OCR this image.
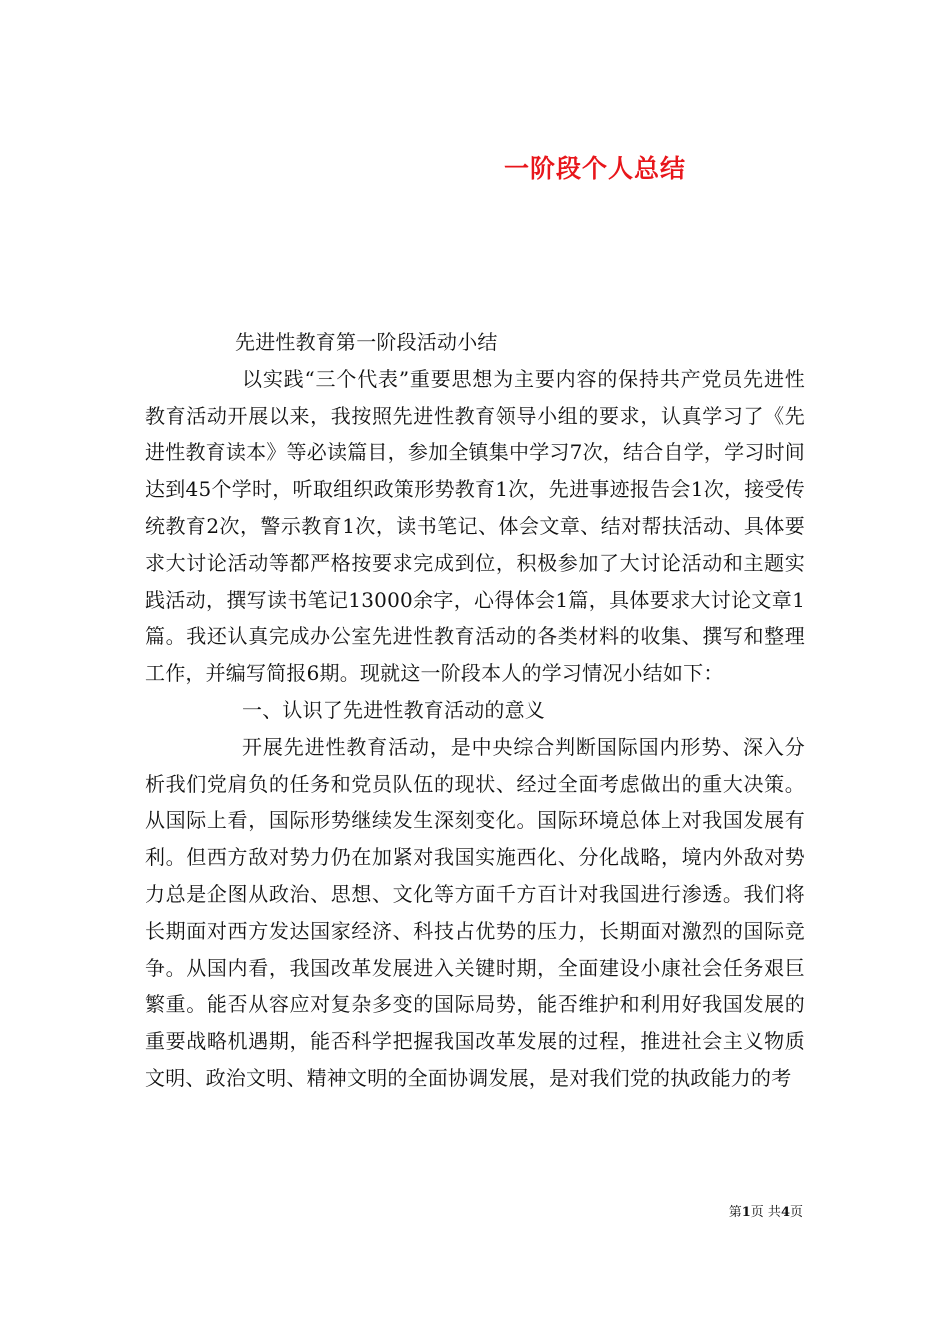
一阶段个人总结

先进性教育第一阶段活动小结

以实践“三个代表”重要思想为主要内容的保持共产党员先进性教育活动开展以来，我按照先进性教育领导小组的要求，认真学习了《先进性教育读本》等必读篇目，参加全镇集中学习7次，结合自学，学习时间达到45个学时，听取组织政策形势教育1次，先进事迹报告会1次，接受传统教育2次，警示教育1次，读书笔记、体会文章、结对帮扶活动、具体要求大讨论活动等都严格按要求完成到位，积极参加了大讨论活动和主题实践活动，撰写读书笔记13000余字，心得体会1篇，具体要求大讨论文章1篇。我还认真完成办公室先进性教育活动的各类材料的收集、撰写和整理工作，并编写简报6期。现就这一阶段本人的学习情况小结如下：

一、认识了先进性教育活动的意义

开展先进性教育活动，是中央综合判断国际国内形势、深入分析我们党肩负的任务和党员队伍的现状、经过全面考虑做出的重大决策。从国际上看，国际形势继续发生深刻变化。国际环境总体上对我国发展有利。但西方敌对势力仍在加紧对我国实施西化、分化战略，境内外敌对势力总是企图从政治、思想、文化等方面千方百计对我国进行渗透。我们将长期面对西方发达国家经济、科技占优势的压力，长期面对激烈的国际竞争。从国内看，我国改革发展进入关键时期，全面建设小康社会任务艰巨繁重。能否从容应对复杂多变的国际局势，能否维护和利用好我国发展的重要战略机遇期，能否科学把握我国改革发展的过程，推进社会主义物质文明、政治文明、精神文明的全面协调发展，是对我们党的执政能力的考

第1页 共4页
